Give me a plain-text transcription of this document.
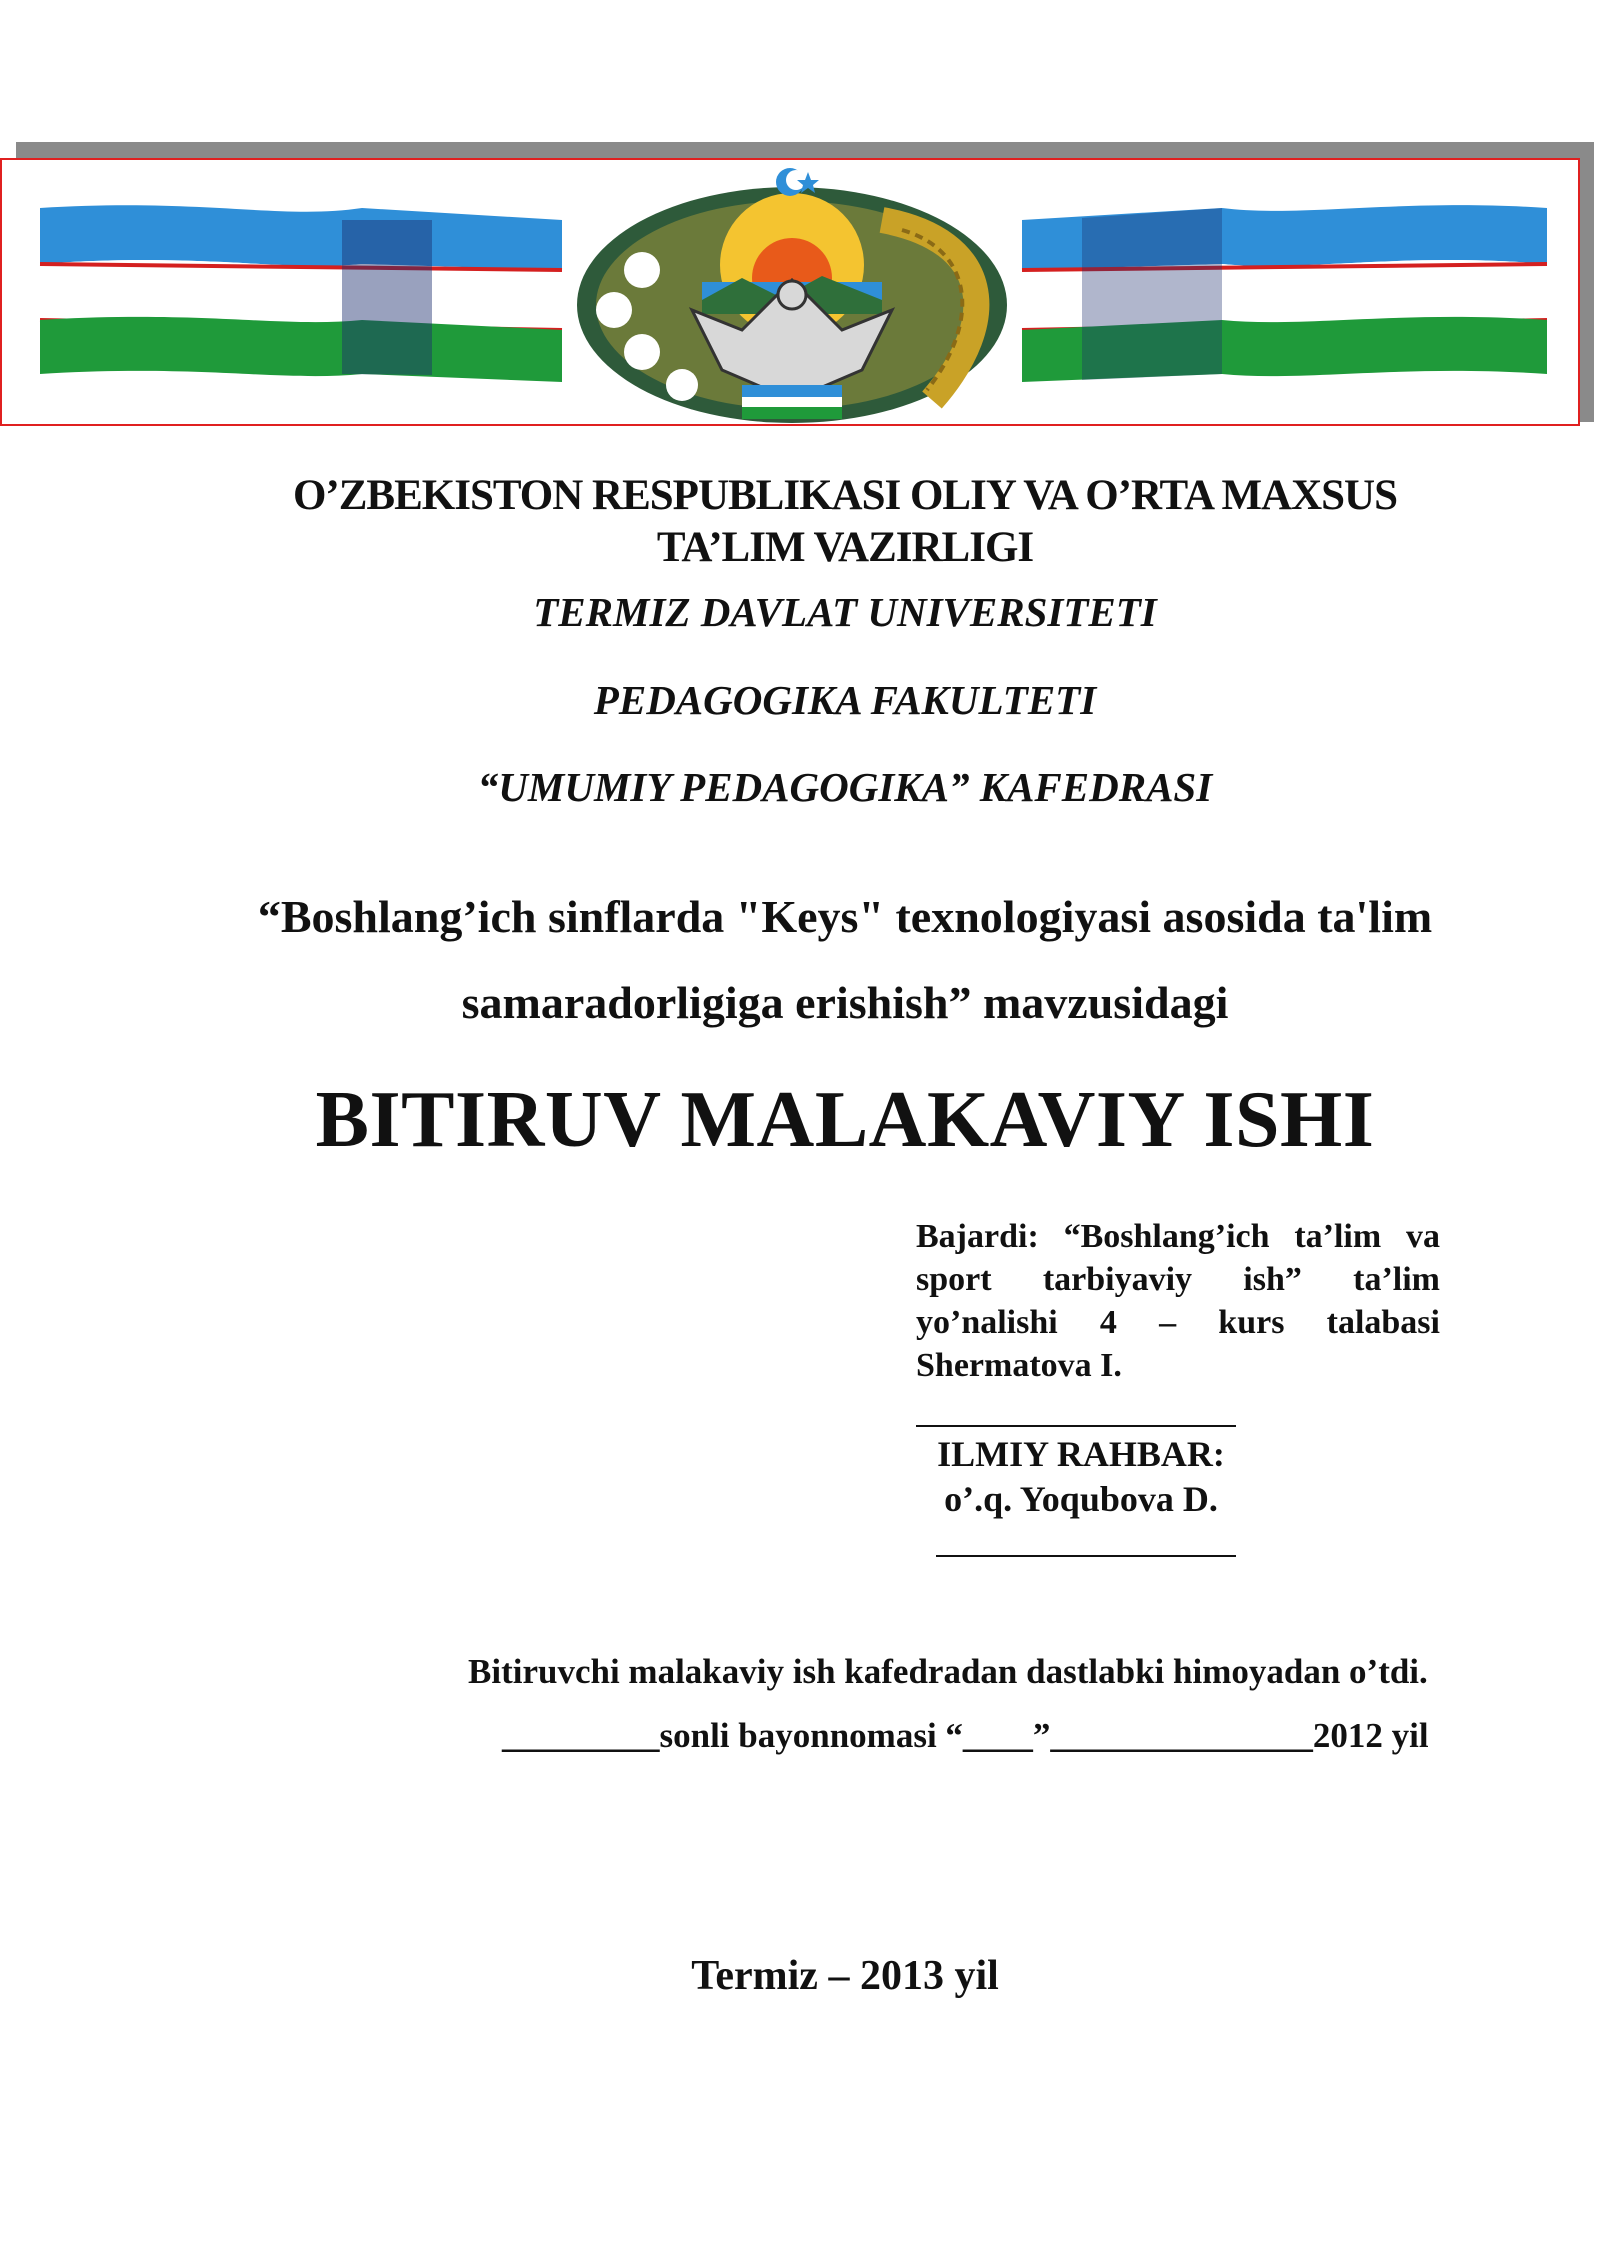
O’ZBEKISTON RESPUBLIKASI OLIY VA O’RTA MAXSUS
TA’LIM VAZIRLIGI
TERMIZ DAVLAT UNIVERSITETI
PEDAGOGIKA FAKULTETI
“UMUMIY PEDAGOGIKA” KAFEDRASI
“Boshlang’ich sinflarda "Keys" texnologiyasi asosida ta'lim
samaradorligiga erishish” mavzusidagi
BITIRUV MALAKAVIY ISHI
Bajardi: “Boshlang’ich ta’lim va sport tarbiyaviy ish” ta’lim yo’nalishi 4 – kurs talabasi Shermatova I.
ILMIY RAHBAR:
o’.q. Yoqubova D.
Bitiruvchi malakaviy ish kafedradan dastlabki himoyadan o’tdi.
_________sonli bayonnomasi “____”_______________2012 yil
Termiz – 2013 yil
